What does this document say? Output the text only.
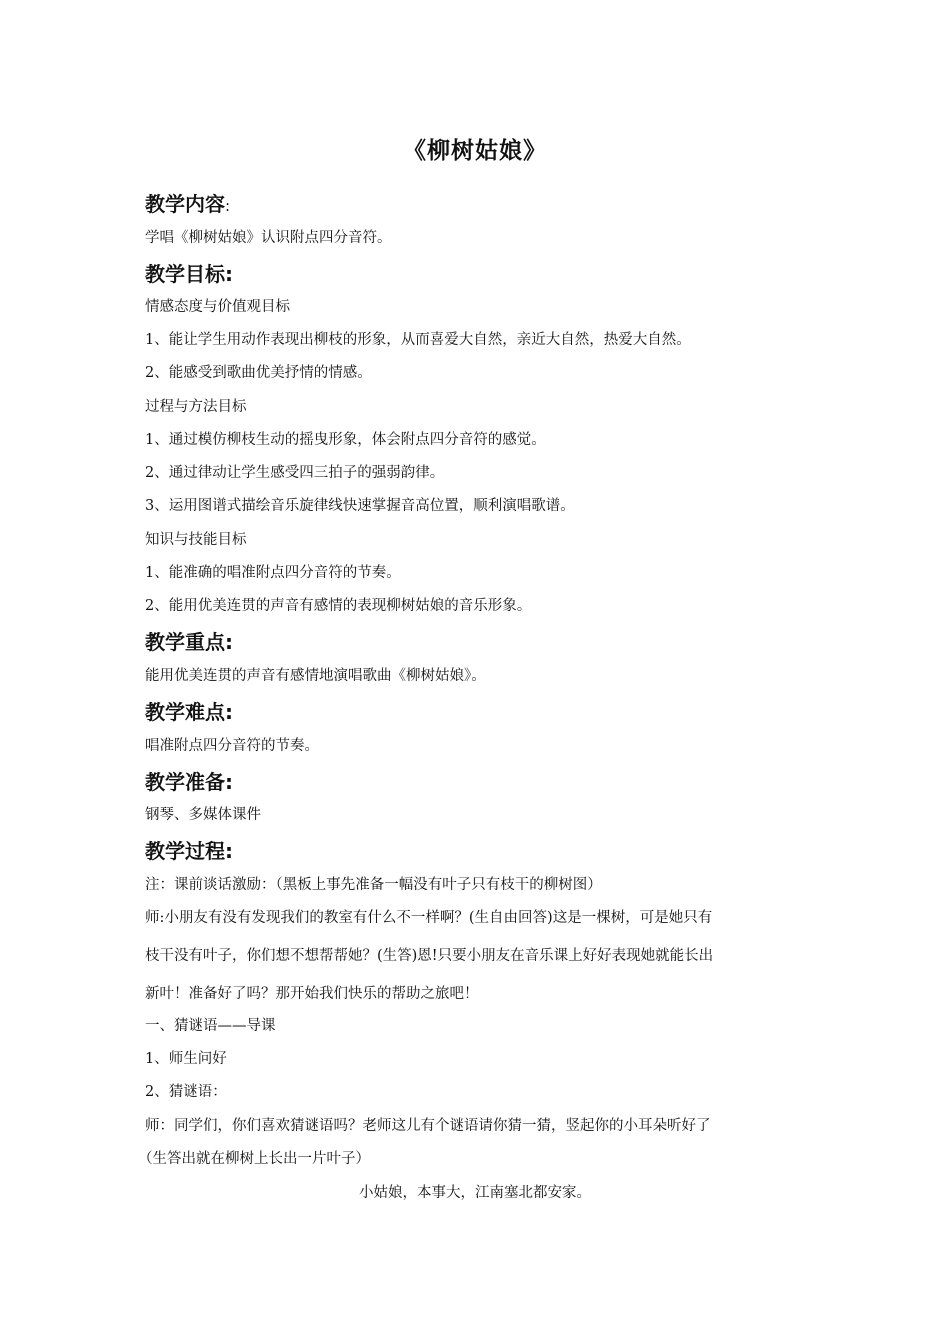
《柳树姑娘》
教学内容:
学唱《柳树姑娘》认识附点四分音符。
教学目标:
情感态度与价值观目标
1、能让学生用动作表现出柳枝的形象，从而喜爱大自然，亲近大自然，热爱大自然。
2、能感受到歌曲优美抒情的情感。
过程与方法目标
1、通过模仿柳枝生动的摇曳形象，体会附点四分音符的感觉。
2、通过律动让学生感受四三拍子的强弱韵律。
3、运用图谱式描绘音乐旋律线快速掌握音高位置，顺利演唱歌谱。
知识与技能目标
1、能准确的唱准附点四分音符的节奏。
2、能用优美连贯的声音有感情的表现柳树姑娘的音乐形象。
教学重点:
能用优美连贯的声音有感情地演唱歌曲《柳树姑娘》。
教学难点:
唱准附点四分音符的节奏。
教学准备:
钢琴、多媒体课件
教学过程:
注：课前谈话激励：（黑板上事先准备一幅没有叶子只有枝干的柳树图）
师:小朋友有没有发现我们的教室有什么不一样啊？(生自由回答)这是一棵树，可是她只有
枝干没有叶子，你们想不想帮帮她？(生答)恩!只要小朋友在音乐课上好好表现她就能长出
新叶！准备好了吗？那开始我们快乐的帮助之旅吧！
一、猜谜语——导课
1、师生问好
2、猜谜语：
师：同学们，你们喜欢猜谜语吗？老师这儿有个谜语请你猜一猜，竖起你的小耳朵听好了
（生答出就在柳树上长出一片叶子）
小姑娘，本事大，江南塞北都安家。
